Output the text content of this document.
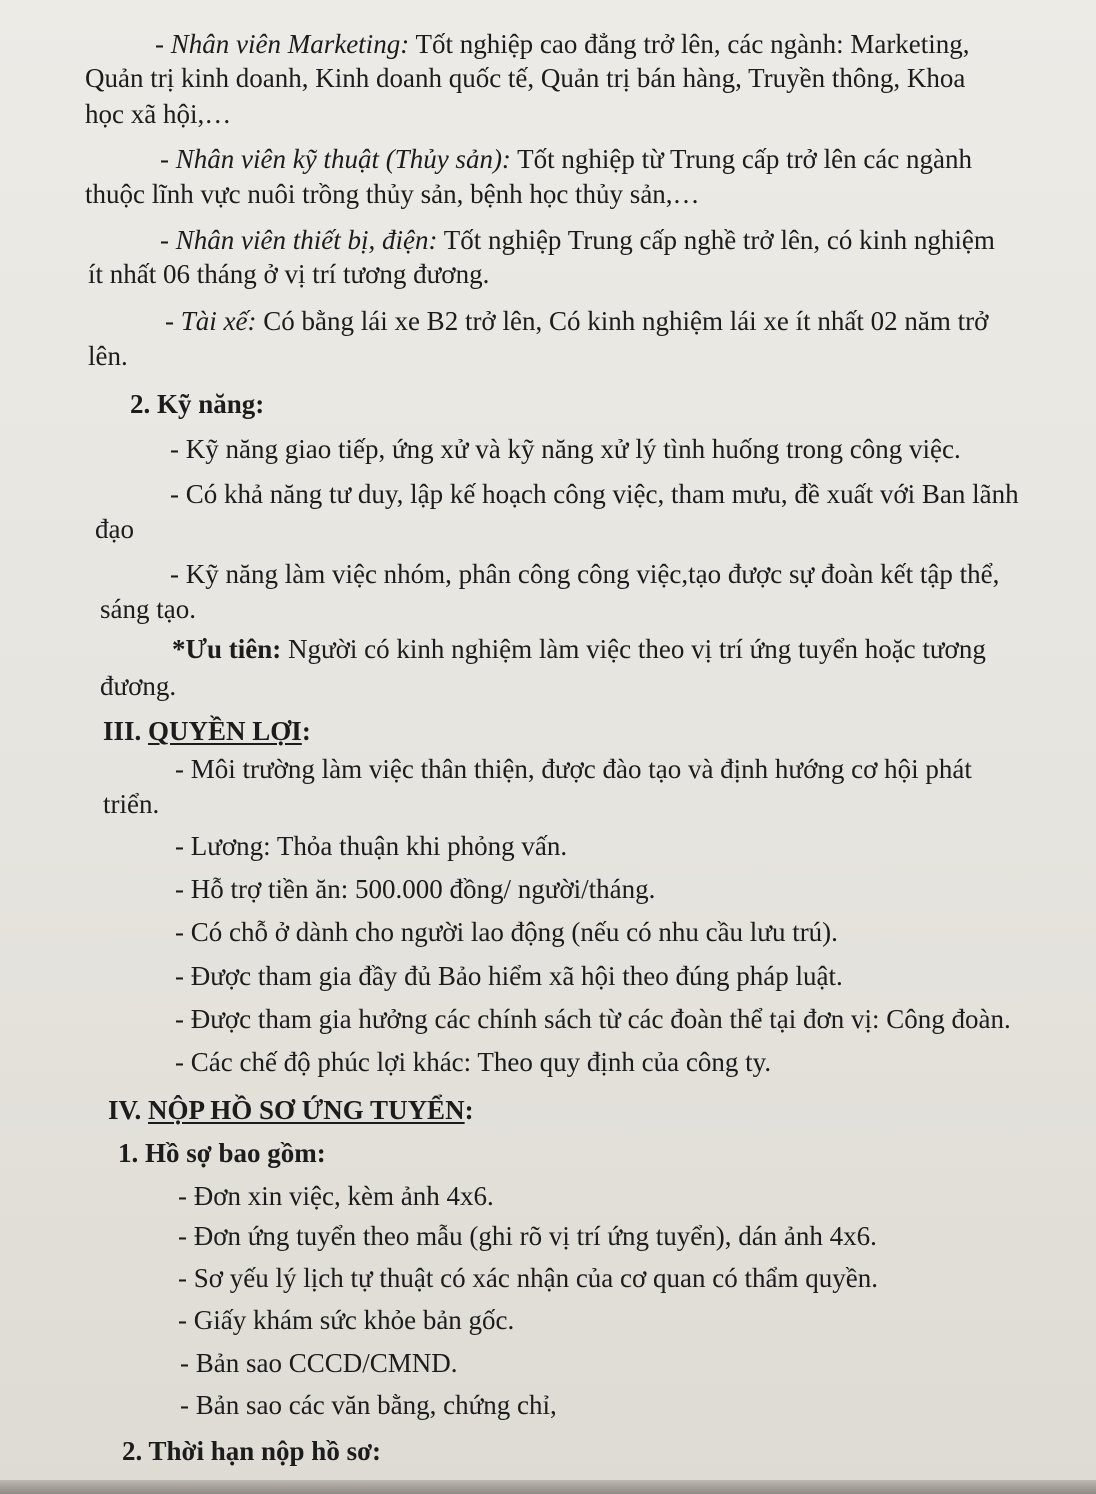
- Nhân viên Marketing: Tốt nghiệp cao đẳng trở lên, các ngành: Marketing,
Quản trị kinh doanh, Kinh doanh quốc tế, Quản trị bán hàng, Truyền thông, Khoa
học xã hội,…
- Nhân viên kỹ thuật (Thủy sản): Tốt nghiệp từ Trung cấp trở lên các ngành
thuộc lĩnh vực nuôi trồng thủy sản, bệnh học thủy sản,…
- Nhân viên thiết bị, điện: Tốt nghiệp Trung cấp nghề trở lên, có kinh nghiệm
ít nhất 06 tháng ở vị trí tương đương.
- Tài xế: Có bằng lái xe B2 trở lên, Có kinh nghiệm lái xe ít nhất 02 năm trở
lên.
2. Kỹ năng:
- Kỹ năng giao tiếp, ứng xử và kỹ năng xử lý tình huống trong công việc.
- Có khả năng tư duy, lập kế hoạch công việc, tham mưu, đề xuất với Ban lãnh
đạo
- Kỹ năng làm việc nhóm, phân công công việc,tạo được sự đoàn kết tập thể,
sáng tạo.
*Ưu tiên: Người có kinh nghiệm làm việc theo vị trí ứng tuyển hoặc tương
đương.
III. QUYỀN LỢI:
- Môi trường làm việc thân thiện, được đào tạo và định hướng cơ hội phát
triển.
- Lương: Thỏa thuận khi phỏng vấn.
- Hỗ trợ tiền ăn: 500.000 đồng/ người/tháng.
- Có chỗ ở dành cho người lao động (nếu có nhu cầu lưu trú).
- Được tham gia đầy đủ Bảo hiểm xã hội theo đúng pháp luật.
- Được tham gia hưởng các chính sách từ các đoàn thể tại đơn vị: Công đoàn.
- Các chế độ phúc lợi khác: Theo quy định của công ty.
IV. NỘP HỒ SƠ ỨNG TUYỂN:
1. Hồ sợ bao gồm:
- Đơn xin việc, kèm ảnh 4x6.
- Đơn ứng tuyển theo mẫu (ghi rõ vị trí ứng tuyển), dán ảnh 4x6.
- Sơ yếu lý lịch tự thuật có xác nhận của cơ quan có thẩm quyền.
- Giấy khám sức khỏe bản gốc.
- Bản sao CCCD/CMND.
- Bản sao các văn bằng, chứng chỉ,
2. Thời hạn nộp hồ sơ:
